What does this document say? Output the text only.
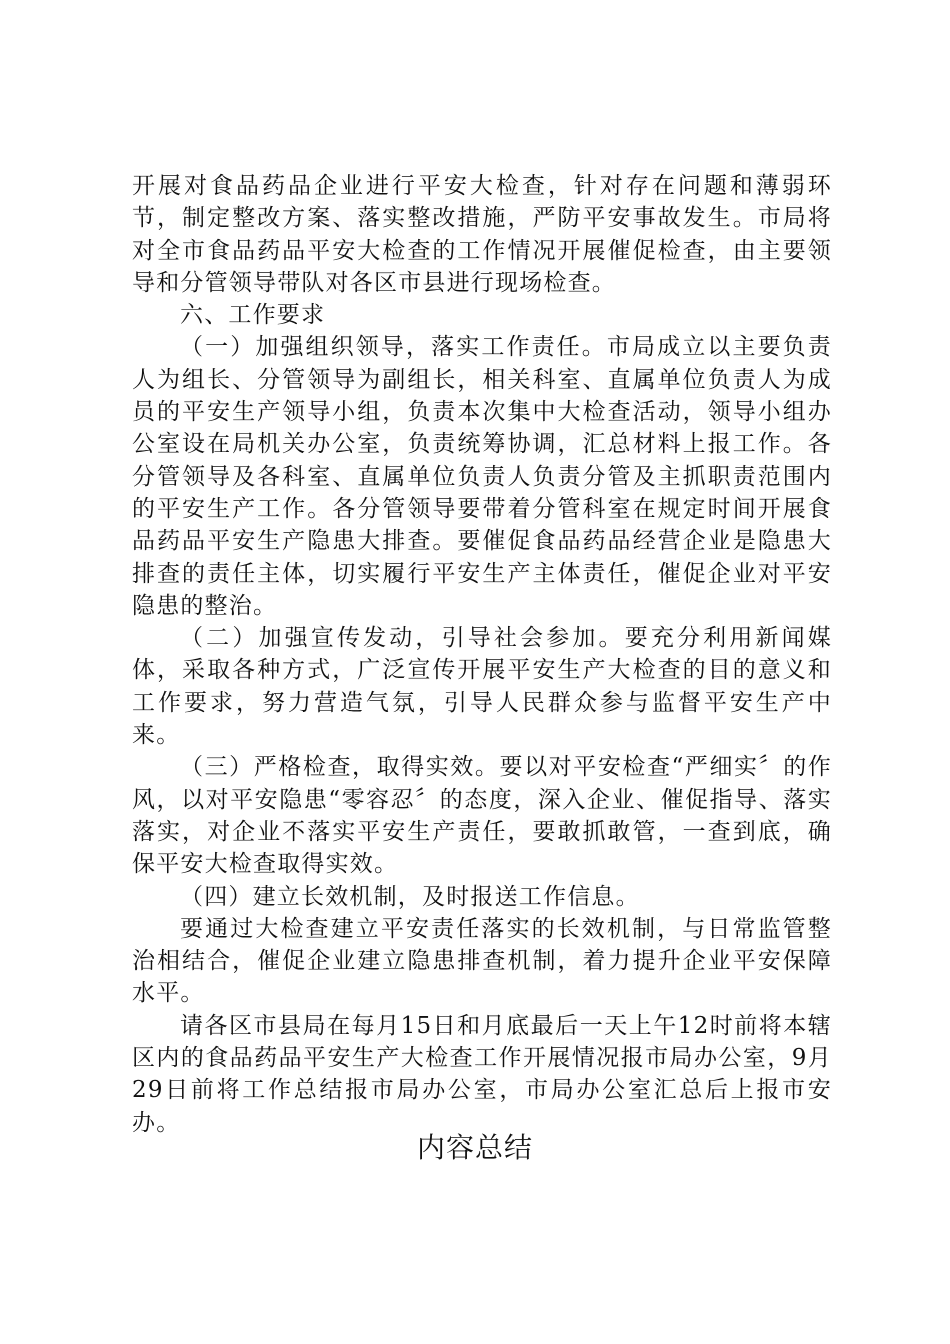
开展对食品药品企业进行平安大检查，针对存在问题和薄弱环节，制定整改方案、落实整改措施，严防平安事故发生。市局将对全市食品药品平安大检查的工作情况开展催促检查，由主要领导和分管领导带队对各区市县进行现场检查。

六、工作要求

（一）加强组织领导，落实工作责任。市局成立以主要负责人为组长、分管领导为副组长，相关科室、直属单位负责人为成员的平安生产领导小组，负责本次集中大检查活动，领导小组办公室设在局机关办公室，负责统筹协调，汇总材料上报工作。各分管领导及各科室、直属单位负责人负责分管及主抓职责范围内的平安生产工作。各分管领导要带着分管科室在规定时间开展食品药品平安生产隐患大排查。要催促食品药品经营企业是隐患大排查的责任主体，切实履行平安生产主体责任，催促企业对平安隐患的整治。

（二）加强宣传发动，引导社会参加。要充分利用新闻媒体，采取各种方式，广泛宣传开展平安生产大检查的目的意义和工作要求，努力营造气氛，引导人民群众参与监督平安生产中来。

（三）严格检查，取得实效。要以对平安检查“严细实〞的作风，以对平安隐患“零容忍〞的态度，深入企业、催促指导、落实落实，对企业不落实平安生产责任，要敢抓敢管，一查到底，确保平安大检查取得实效。

（四）建立长效机制，及时报送工作信息。

要通过大检查建立平安责任落实的长效机制，与日常监管整治相结合，催促企业建立隐患排查机制，着力提升企业平安保障水平。

请各区市县局在每月15日和月底最后一天上午12时前将本辖区内的食品药品平安生产大检查工作开展情况报市局办公室，9月29日前将工作总结报市局办公室，市局办公室汇总后上报市安办。

内容总结
